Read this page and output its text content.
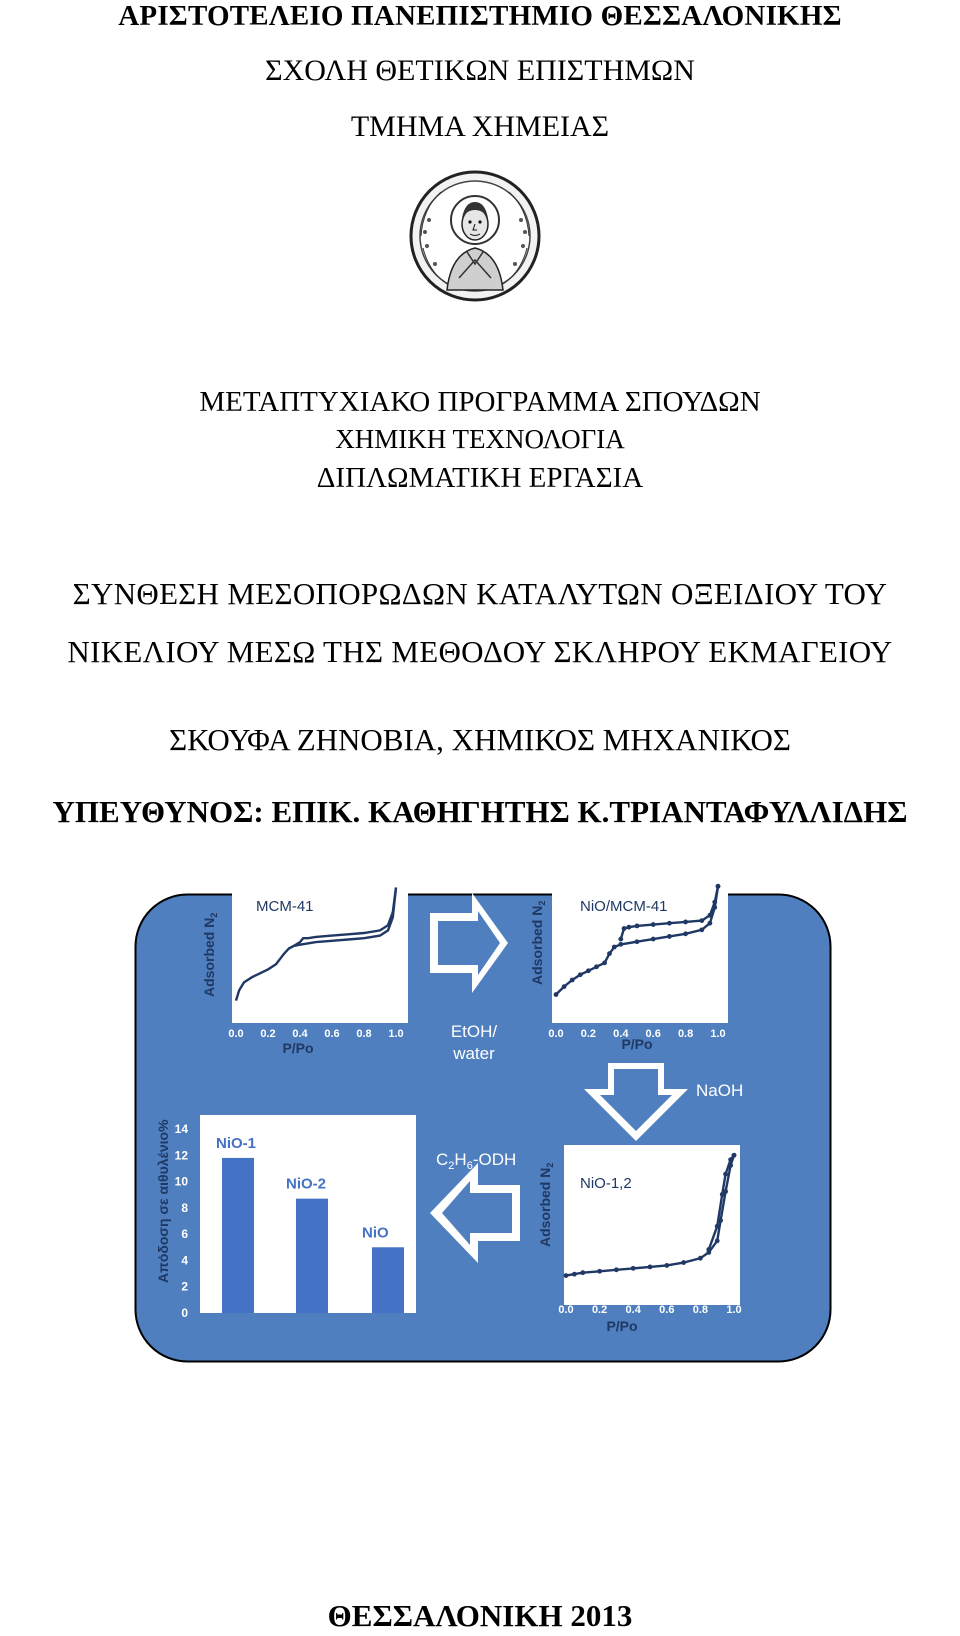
ΑΡΙΣΤΟΤΕΛΕΙΟ ΠΑΝΕΠΙΣΤΗΜΙΟ ΘΕΣΣΑΛΟΝΙΚΗΣ
ΣΧΟΛΗ ΘΕΤΙΚΩΝ ΕΠΙΣΤΗΜΩΝ
ΤΜΗΜΑ ΧΗΜΕΙΑΣ
ΜΕΤΑΠΤΥΧΙΑΚΟ ΠΡΟΓΡΑΜΜΑ ΣΠΟΥΔΩΝ
ΧΗΜΙΚΗ ΤΕΧΝΟΛΟΓΙΑ
ΔΙΠΛΩΜΑΤΙΚΗ ΕΡΓΑΣΙΑ
ΣΥΝΘΕΣΗ ΜΕΣΟΠΟΡΩΔΩΝ ΚΑΤΑΛΥΤΩΝ ΟΞΕΙΔΙΟΥ ΤΟΥ
ΝΙΚΕΛΙΟΥ ΜΕΣΩ ΤΗΣ ΜΕΘΟΔΟΥ ΣΚΛΗΡΟΥ ΕΚΜΑΓΕΙΟΥ
ΣΚΟΥΦΑ ΖΗΝΟΒΙΑ, ΧΗΜΙΚΟΣ ΜΗΧΑΝΙΚΟΣ
ΥΠΕΥΘΥΝΟΣ: ΕΠΙΚ. ΚΑΘΗΓΗΤΗΣ Κ.ΤΡΙΑΝΤΑΦΥΛΛΙΔΗΣ
MCM-41
Adsorbed $N_2$
0.0 0.2 0.4 0.6 0.8 1.0
P/Po
NiO/MCM-41
Adsorbed $N_2$
0.0 0.2 0.4 0.6 0.8 1.0
P/Po
NiO-1,2
Adsorbed $N_2$
0.0 0.2 0.4 0.6 0.8 1.0
P/Po
Απόδοση σε αιθυλένιο%
0
2
4
6
8
10
12
14
NiO-1
NiO-2
NiO
Ni-nitrate
EtOH/
water
NaOH
$C_2H_6$-ODH
ΘΕΣΣΑΛΟΝΙΚΗ 2013
